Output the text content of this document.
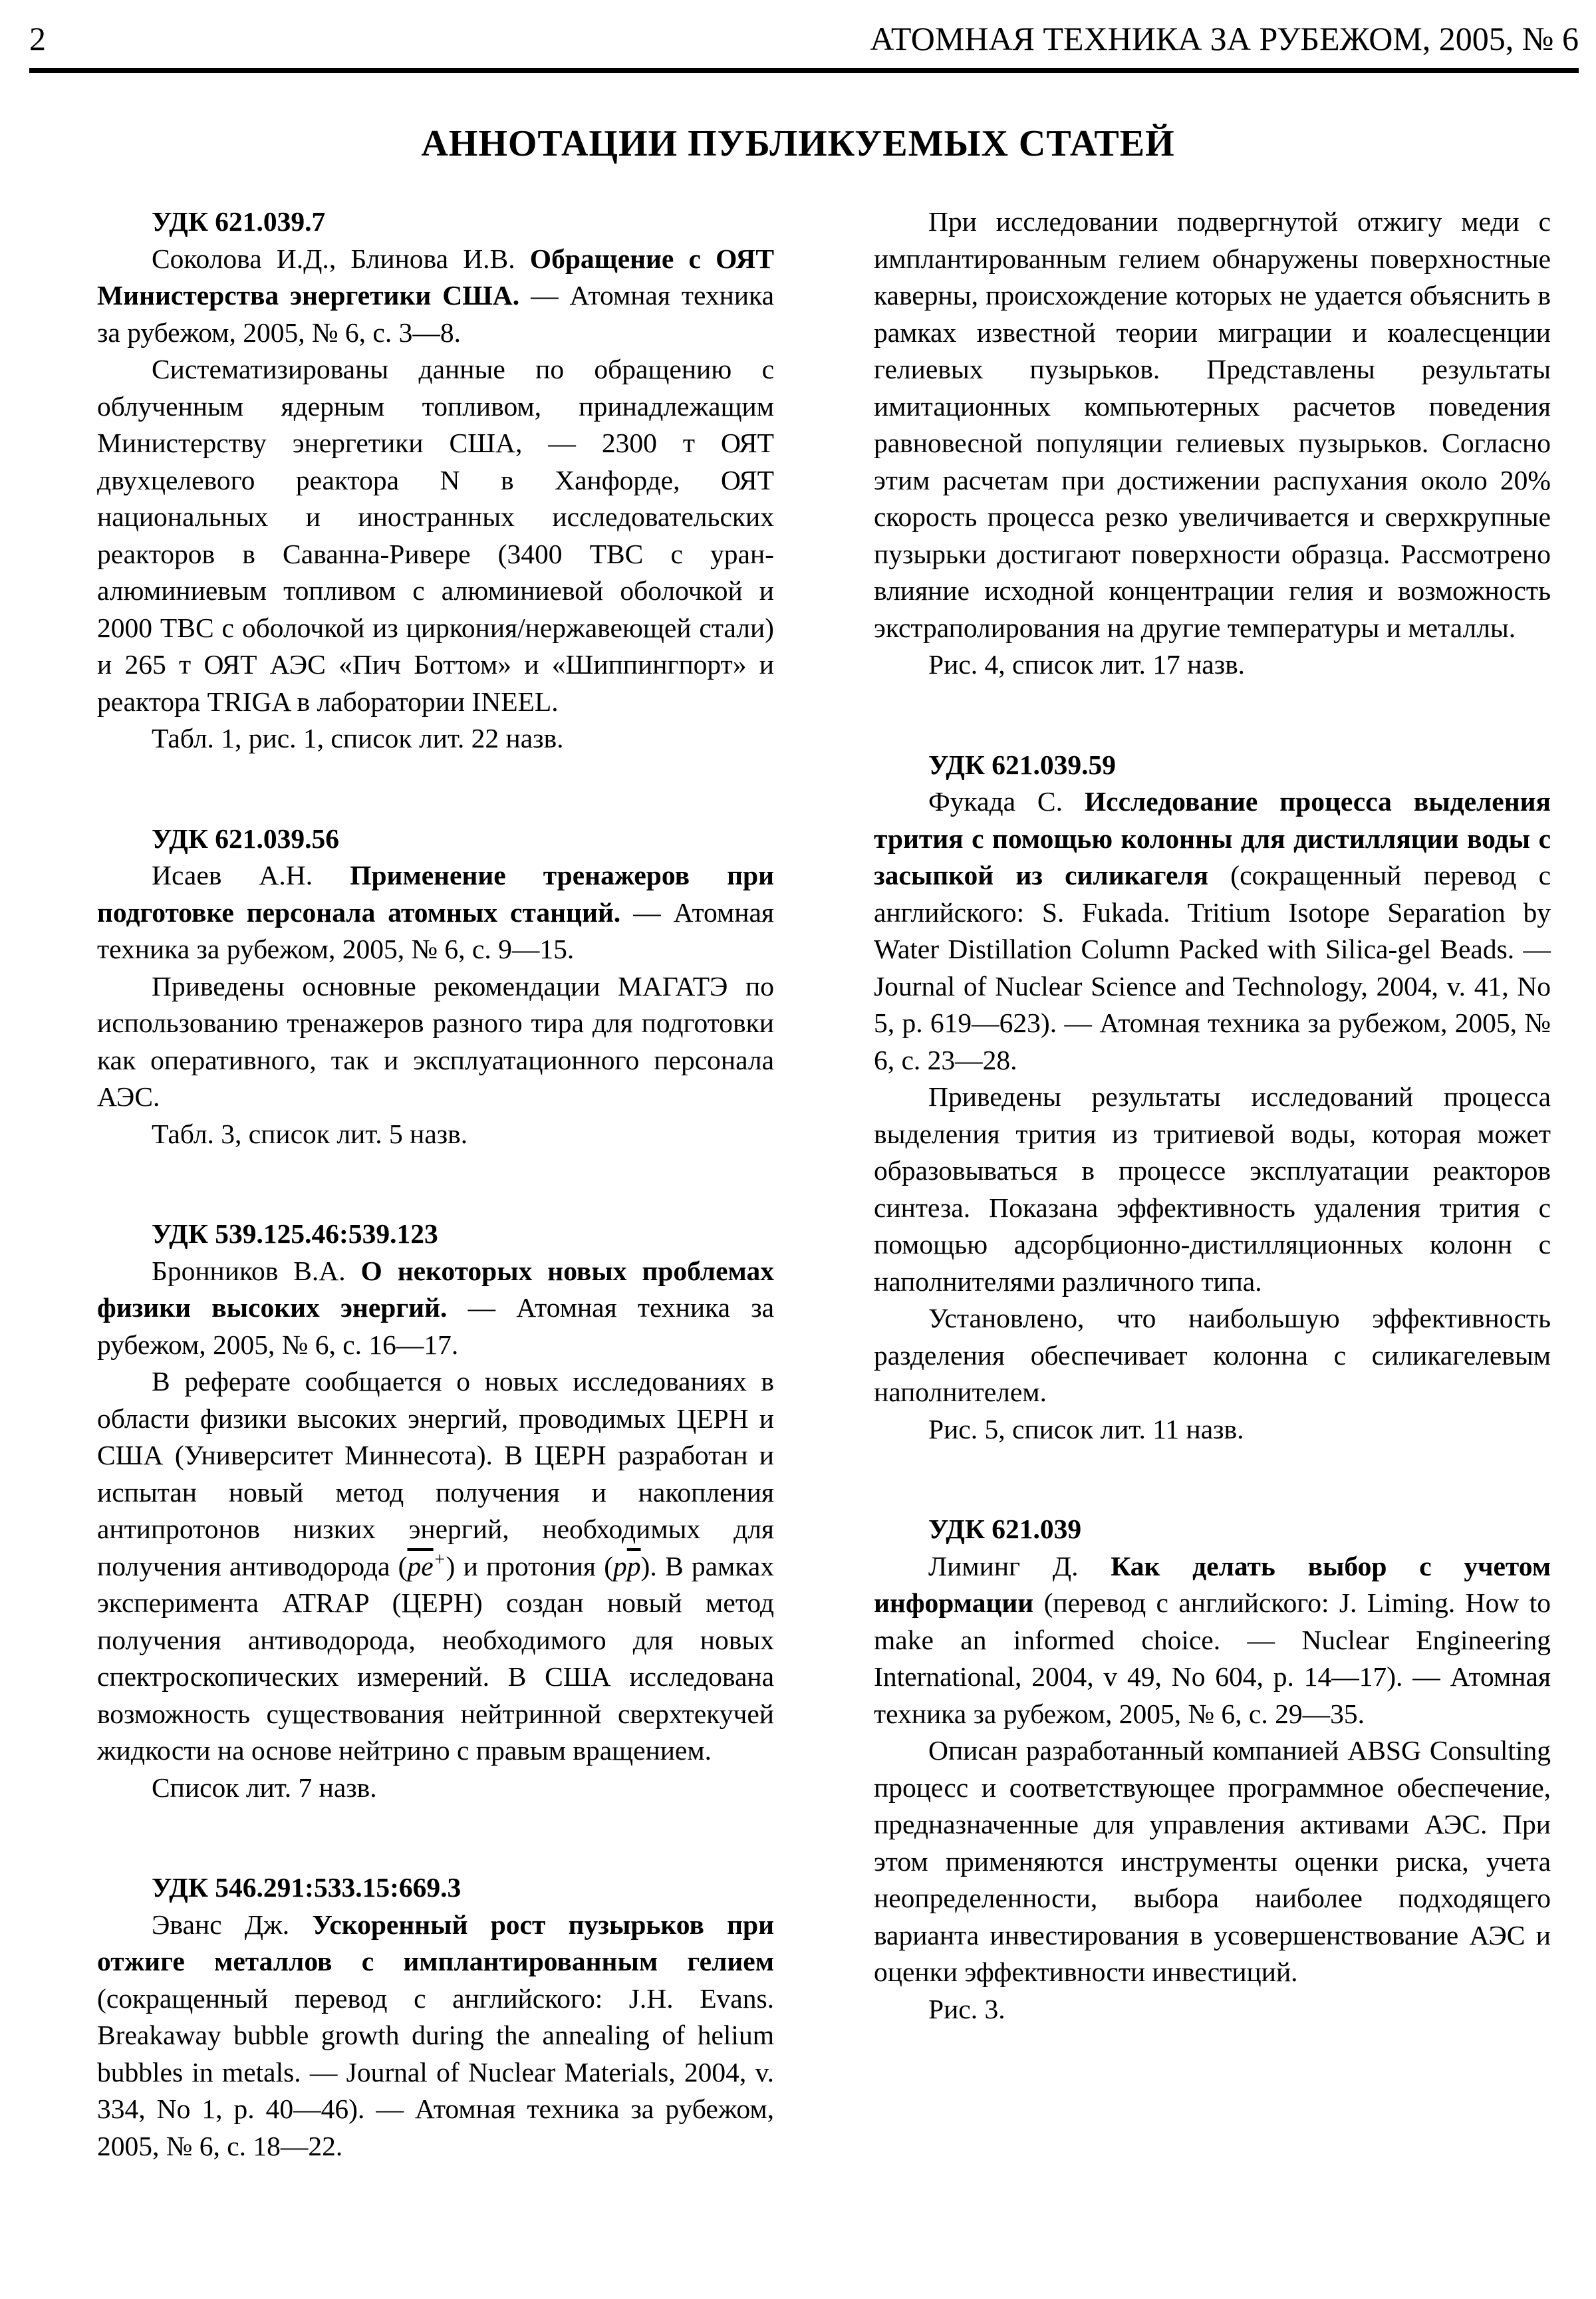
2	АТОМНАЯ ТЕХНИКА ЗА РУБЕЖОМ, 2005, № 6
АННОТАЦИИ ПУБЛИКУЕМЫХ СТАТЕЙ
УДК 621.039.7
Соколова И.Д., Блинова И.В. Обращение с ОЯТ Министерства энергетики США. — Атомная техника за рубежом, 2005, № 6, с. 3—8.
Систематизированы данные по обращению с облученным ядерным топливом, принадлежащим Министерству энергетики США, — 2300 т ОЯТ двухцелевого реактора N в Ханфорде, ОЯТ национальных и иностранных исследовательских реакторов в Саванна-Ривере (3400 ТВС с уран-алюминиевым топливом с алюминиевой оболочкой и 2000 ТВС с оболочкой из циркония/нержавеющей стали) и 265 т ОЯТ АЭС «Пич Боттом» и «Шиппингпорт» и реактора TRIGA в лаборатории INEEL.
Табл. 1, рис. 1, список лит. 22 назв.
УДК 621.039.56
Исаев А.Н. Применение тренажеров при подготовке персонала атомных станций. — Атомная техника за рубежом, 2005, № 6, с. 9—15.
Приведены основные рекомендации МАГАТЭ по использованию тренажеров разного тира для подготовки как оперативного, так и эксплуатационного персонала АЭС.
Табл. 3, список лит. 5 назв.
УДК 539.125.46:539.123
Бронников В.А. О некоторых новых проблемах физики высоких энергий. — Атомная техника за рубежом, 2005, № 6, с. 16—17.
В реферате сообщается о новых исследованиях в области физики высоких энергий, проводимых ЦЕРН и США (Университет Миннесота). В ЦЕРН разработан и испытан новый метод получения и накопления антипротонов низких энергий, необходимых для получения антиводорода $(\overline{pe}^+)$ и протония $(p\overline{p})$. В рамках эксперимента ATRAP (ЦЕРН) создан новый метод получения антиводорода, необходимого для новых спектроскопических измерений. В США исследована возможность существования нейтринной сверхтекучей жидкости на основе нейтрино с правым вращением.
Список лит. 7 назв.
УДК 546.291:533.15:669.3
Эванс Дж. Ускоренный рост пузырьков при отжиге металлов с имплантированным гелием (сокращенный перевод с английского: J.H. Evans. Breakaway bubble growth during the annealing of helium bubbles in metals. — Journal of Nuclear Materials, 2004, v. 334, No 1, p. 40—46). — Атомная техника за рубежом, 2005, № 6, с. 18—22.
При исследовании подвергнутой отжигу меди с имплантированным гелием обнаружены поверхностные каверны, происхождение которых не удается объяснить в рамках известной теории миграции и коалесценции гелиевых пузырьков. Представлены результаты имитационных компьютерных расчетов поведения равновесной популяции гелиевых пузырьков. Согласно этим расчетам при достижении распухания около 20% скорость процесса резко увеличивается и сверхкрупные пузырьки достигают поверхности образца. Рассмотрено влияние исходной концентрации гелия и возможность экстраполирования на другие температуры и металлы.
Рис. 4, список лит. 17 назв.
УДК 621.039.59
Фукада С. Исследование процесса выделения трития с помощью колонны для дистилляции воды с засыпкой из силикагеля (сокращенный перевод с английского: S. Fukada. Tritium Isotope Separation by Water Distillation Column Packed with Silica-gel Beads. — Journal of Nuclear Science and Technology, 2004, v. 41, No 5, p. 619—623). — Атомная техника за рубежом, 2005, № 6, с. 23—28.
Приведены результаты исследований процесса выделения трития из тритиевой воды, которая может образовываться в процессе эксплуатации реакторов синтеза. Показана эффективность удаления трития с помощью адсорбционно-дистилляционных колонн с наполнителями различного типа.
Установлено, что наибольшую эффективность разделения обеспечивает колонна с силикагелевым наполнителем.
Рис. 5, список лит. 11 назв.
УДК 621.039
Лиминг Д. Как делать выбор с учетом информации (перевод с английского: J. Liming. How to make an informed choice. — Nuclear Engineering International, 2004, v 49, No 604, p. 14—17). — Атомная техника за рубежом, 2005, № 6, с. 29—35.
Описан разработанный компанией ABSG Consulting процесс и соответствующее программное обеспечение, предназначенные для управления активами АЭС. При этом применяются инструменты оценки риска, учета неопределенности, выбора наиболее подходящего варианта инвестирования в усовершенствование АЭС и оценки эффективности инвестиций.
Рис. 3.
